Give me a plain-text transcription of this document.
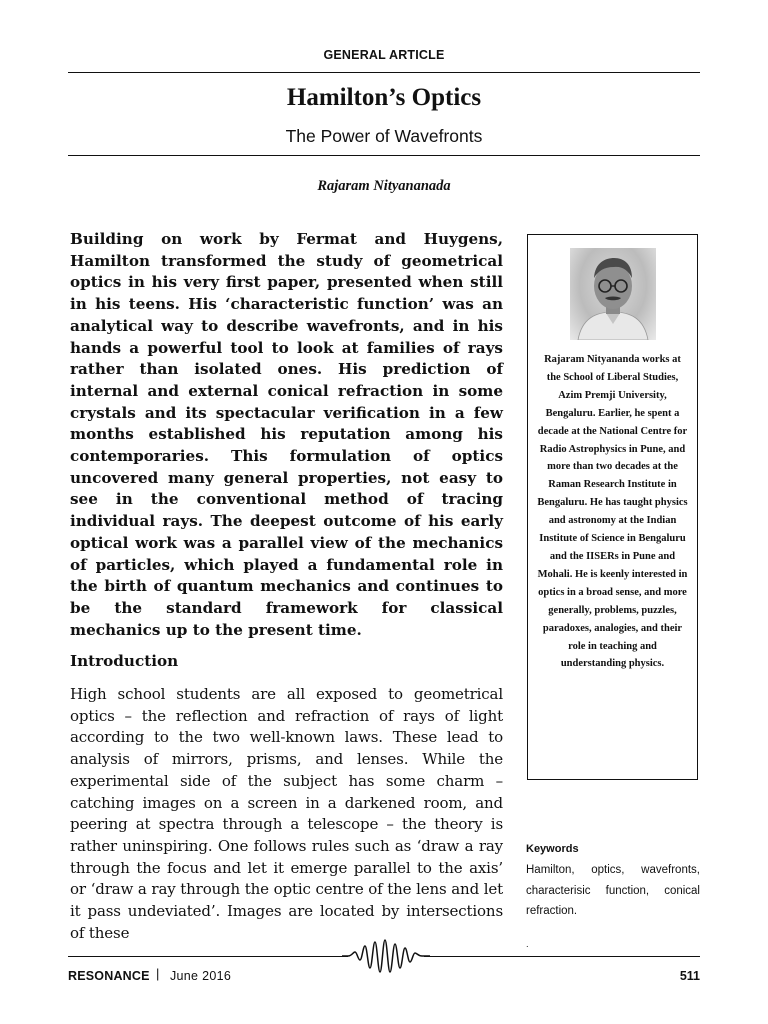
GENERAL ARTICLE
Hamilton’s Optics
The Power of Wavefronts
Rajaram Nityananada
Building on work by Fermat and Huygens, Hamilton transformed the study of geometrical optics in his very first paper, presented when still in his teens. His ‘characteristic function’ was an analytical way to describe wavefronts, and in his hands a powerful tool to look at families of rays rather than isolated ones. His prediction of internal and external conical refraction in some crystals and its spectacular verification in a few months established his reputation among his contemporaries. This formulation of optics uncovered many general properties, not easy to see in the conventional method of tracing individual rays. The deepest outcome of his early optical work was a parallel view of the mechanics of particles, which played a fundamental role in the birth of quantum mechanics and continues to be the standard framework for classical mechanics up to the present time.
Introduction
High school students are all exposed to geometrical optics – the reflection and refraction of rays of light according to the two well-known laws. These lead to analysis of mirrors, prisms, and lenses. While the experimental side of the subject has some charm – catching images on a screen in a darkened room, and peering at spectra through a telescope – the theory is rather uninspiring. One follows rules such as ‘draw a ray through the focus and let it emerge parallel to the axis’ or ‘draw a ray through the optic centre of the lens and let it pass undeviated’. Images are located by intersections of these
Rajaram Nityananda works at the School of Liberal Studies, Azim Premji University, Bengaluru. Earlier, he spent a decade at the National Centre for Radio Astrophysics in Pune, and more than two decades at the Raman Research Institute in Bengaluru. He has taught physics and astronomy at the Indian Institute of Science in Bengaluru and the IISERs in Pune and Mohali. He is keenly interested in optics in a broad sense, and more generally, problems, puzzles, paradoxes, analogies, and their role in teaching and understanding physics.
Keywords
Hamilton, optics, wavefronts, characterisic function, conical refraction.
.
RESONANCE | June 2016	511
